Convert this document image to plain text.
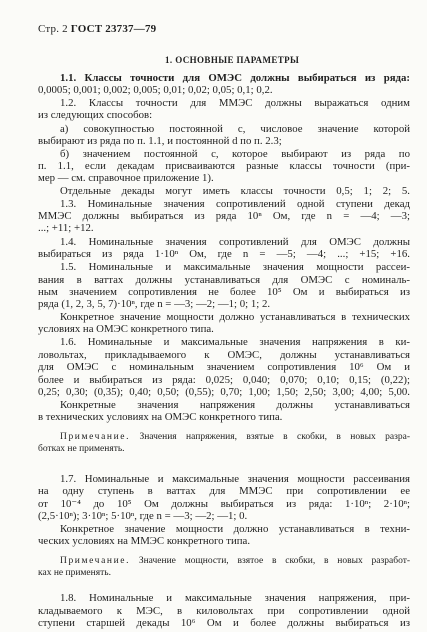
Стр. 2 ГОСТ 23737—79
1. ОСНОВНЫЕ ПАРАМЕТРЫ
1.1. Классы точности для ОМЭС должны выбираться из ряда:
0,0005; 0,001; 0,002; 0,005; 0,01; 0,02; 0,05; 0,1; 0,2.
1.2. Классы точности для ММЭС должны выражаться одним
из следующих способов:
а) совокупностью постоянной c, числовое значение которой
выбирают из ряда по п. 1.1, и постоянной d по п. 2.3;
б) значением постоянной c, которое выбирают из ряда по
п. 1.1, если декадам присваиваются разные классы точности (при-
мер — см. справочное приложение 1).
Отдельные декады могут иметь классы точности 0,5; 1; 2; 5.
1.3. Номинальные значения сопротивлений одной ступени декад
ММЭС должны выбираться из ряда 10ⁿ Ом, где n = —4; —3;
...; +11; +12.
1.4. Номинальные значения сопротивлений для ОМЭС должны
выбираться из ряда 1·10ⁿ Ом, где n = —5; —4; ...; +15; +16.
1.5. Номинальные и максимальные значения мощности рассеи-
вания в ваттах должны устанавливаться для ОМЭС с номиналь-
ным значением сопротивления не более 10⁵ Ом и выбираться из
ряда (1, 2, 3, 5, 7)·10ⁿ, где n = —3; —2; —1; 0; 1; 2.
Конкретное значение мощности должно устанавливаться в технических
условиях на ОМЭС конкретного типа.
1.6. Номинальные и максимальные значения напряжения в ки-
ловольтах, прикладываемого к ОМЭС, должны устанавливаться
для ОМЭС с номинальным значением сопротивления 10⁶ Ом и
более и выбираться из ряда: 0,025; 0,040; 0,070; 0,10; 0,15; (0,22);
0,25; 0,30; (0,35); 0,40; 0,50; (0,55); 0,70; 1,00; 1,50; 2,50; 3,00; 4,00; 5,00.
Конкретные значения напряжения должны устанавливаться
в технических условиях на ОМЭС конкретного типа.
Примечание. Значения напряжения, взятые в скобки, в новых разра-
ботках не применять.
1.7. Номинальные и максимальные значения мощности рассеивания
на одну ступень в ваттах для ММЭС при сопротивлении ее
от 10⁻⁴ до 10⁵ Ом должны выбираться из ряда: 1·10ⁿ; 2·10ⁿ;
(2,5·10ⁿ); 3·10ⁿ; 5·10ⁿ, где n = —3; —2; —1; 0.
Конкретное значение мощности должно устанавливаться в техни-
ческих условиях на ММЭС конкретного типа.
Примечание. Значение мощности, взятое в скобки, в новых разработ-
ках не применять.
1.8. Номинальные и максимальные значения напряжения, при-
кладываемого к МЭС, в киловольтах при сопротивлении одной
ступени старшей декады 10⁶ Ом и более должны выбираться из
